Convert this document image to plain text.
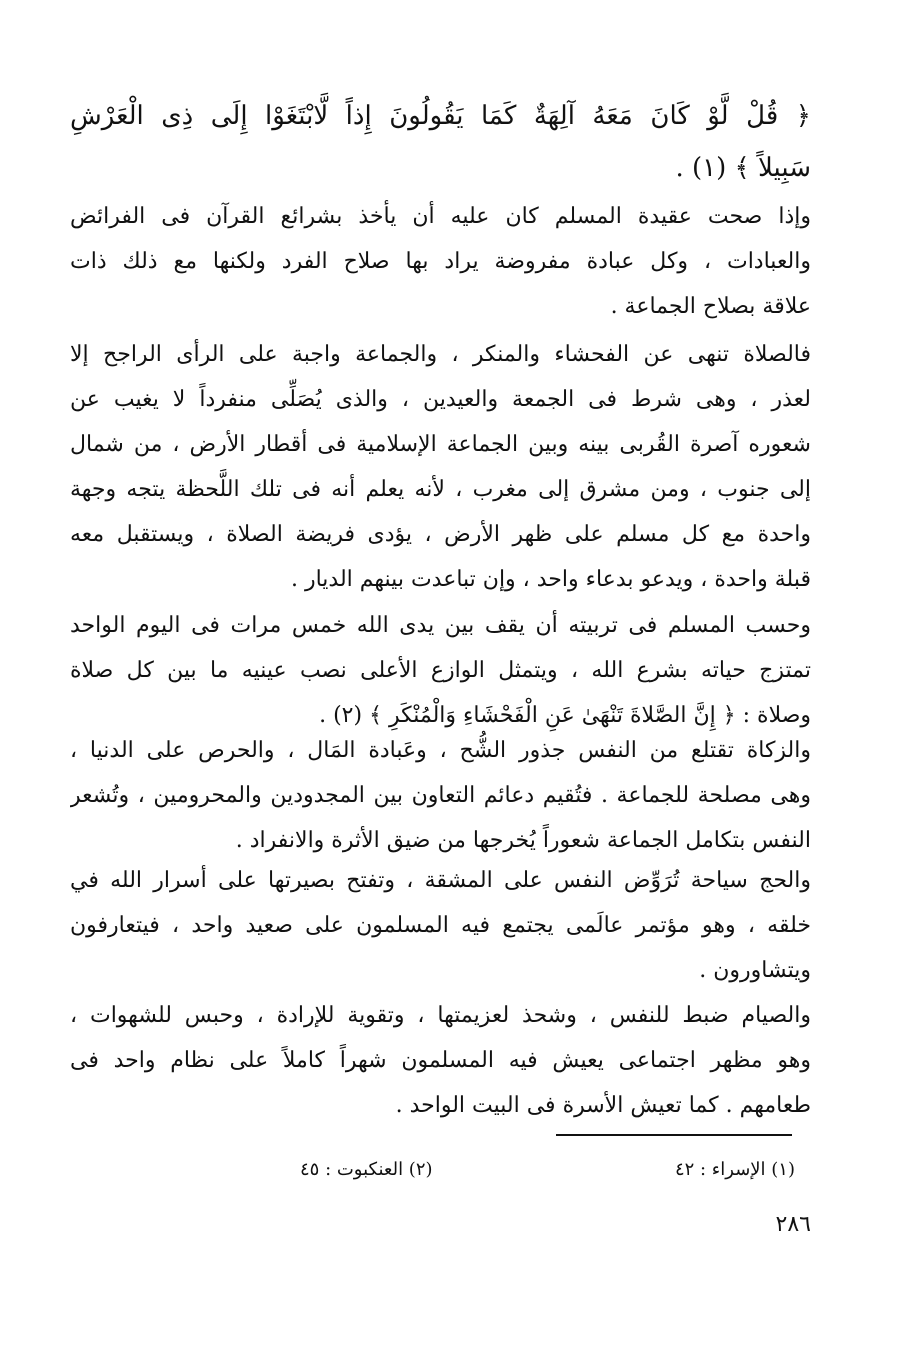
﴿ قُلْ لَّوْ كَانَ مَعَهُ آلِهَةٌ كَمَا يَقُولُونَ إِذاً لَّابْتَغَوْا إِلَى ذِى الْعَرْشِ
سَبِيلاً ﴾ (١) .
وإذا صحت عقيدة المسلم كان عليه أن يأخذ بشرائع القرآن فى الفرائض
والعبادات ، وكل عبادة مفروضة يراد بها صلاح الفرد ولكنها مع ذلك ذات
علاقة بصلاح الجماعة .
فالصلاة تنهى عن الفحشاء والمنكر ، والجماعة واجبة على الرأى الراجح إلا
لعذر ، وهى شرط فى الجمعة والعيدين ، والذى يُصَلِّى منفرداً لا يغيب عن
شعوره آصرة القُربى بينه وبين الجماعة الإسلامية فى أقطار الأرض ، من شمال
إلى جنوب ، ومن مشرق إلى مغرب ، لأنه يعلم أنه فى تلك اللَّحظة يتجه وجهة
واحدة مع كل مسلم على ظهر الأرض ، يؤدى فريضة الصلاة ، ويستقبل معه
قبلة واحدة ، ويدعو بدعاء واحد ، وإن تباعدت بينهم الديار .
وحسب المسلم فى تربيته أن يقف بين يدى الله خمس مرات فى اليوم الواحد
تمتزج حياته بشرع الله ، ويتمثل الوازع الأعلى نصب عينيه ما بين كل صلاة
وصلاة : ﴿ إِنَّ الصَّلاةَ تَنْهَىٰ عَنِ الْفَحْشَاءِ وَالْمُنْكَرِ ﴾ (٢) .
والزكاة تقتلع من النفس جذور الشُّح ، وعَبادة المَال ، والحرص على الدنيا ،
وهى مصلحة للجماعة . فتُقيم دعائم التعاون بين المجدودين والمحرومين ، وتُشعر
النفس بتكامل الجماعة شعوراً يُخرجها من ضيق الأثرة والانفراد .
والحج سياحة تُرَوِّض النفس على المشقة ، وتفتح بصيرتها على أسرار الله في
خلقه ، وهو مؤتمر عالَمى يجتمع فيه المسلمون على صعيد واحد ، فيتعارفون
ويتشاورون .
والصيام ضبط للنفس ، وشحذ لعزيمتها ، وتقوية للإرادة ، وحبس للشهوات ،
وهو مظهر اجتماعى يعيش فيه المسلمون شهراً كاملاً على نظام واحد فى
طعامهم . كما تعيش الأسرة فى البيت الواحد .
(١) الإسراء : ٤٢
(٢) العنكبوت : ٤٥
٢٨٦
